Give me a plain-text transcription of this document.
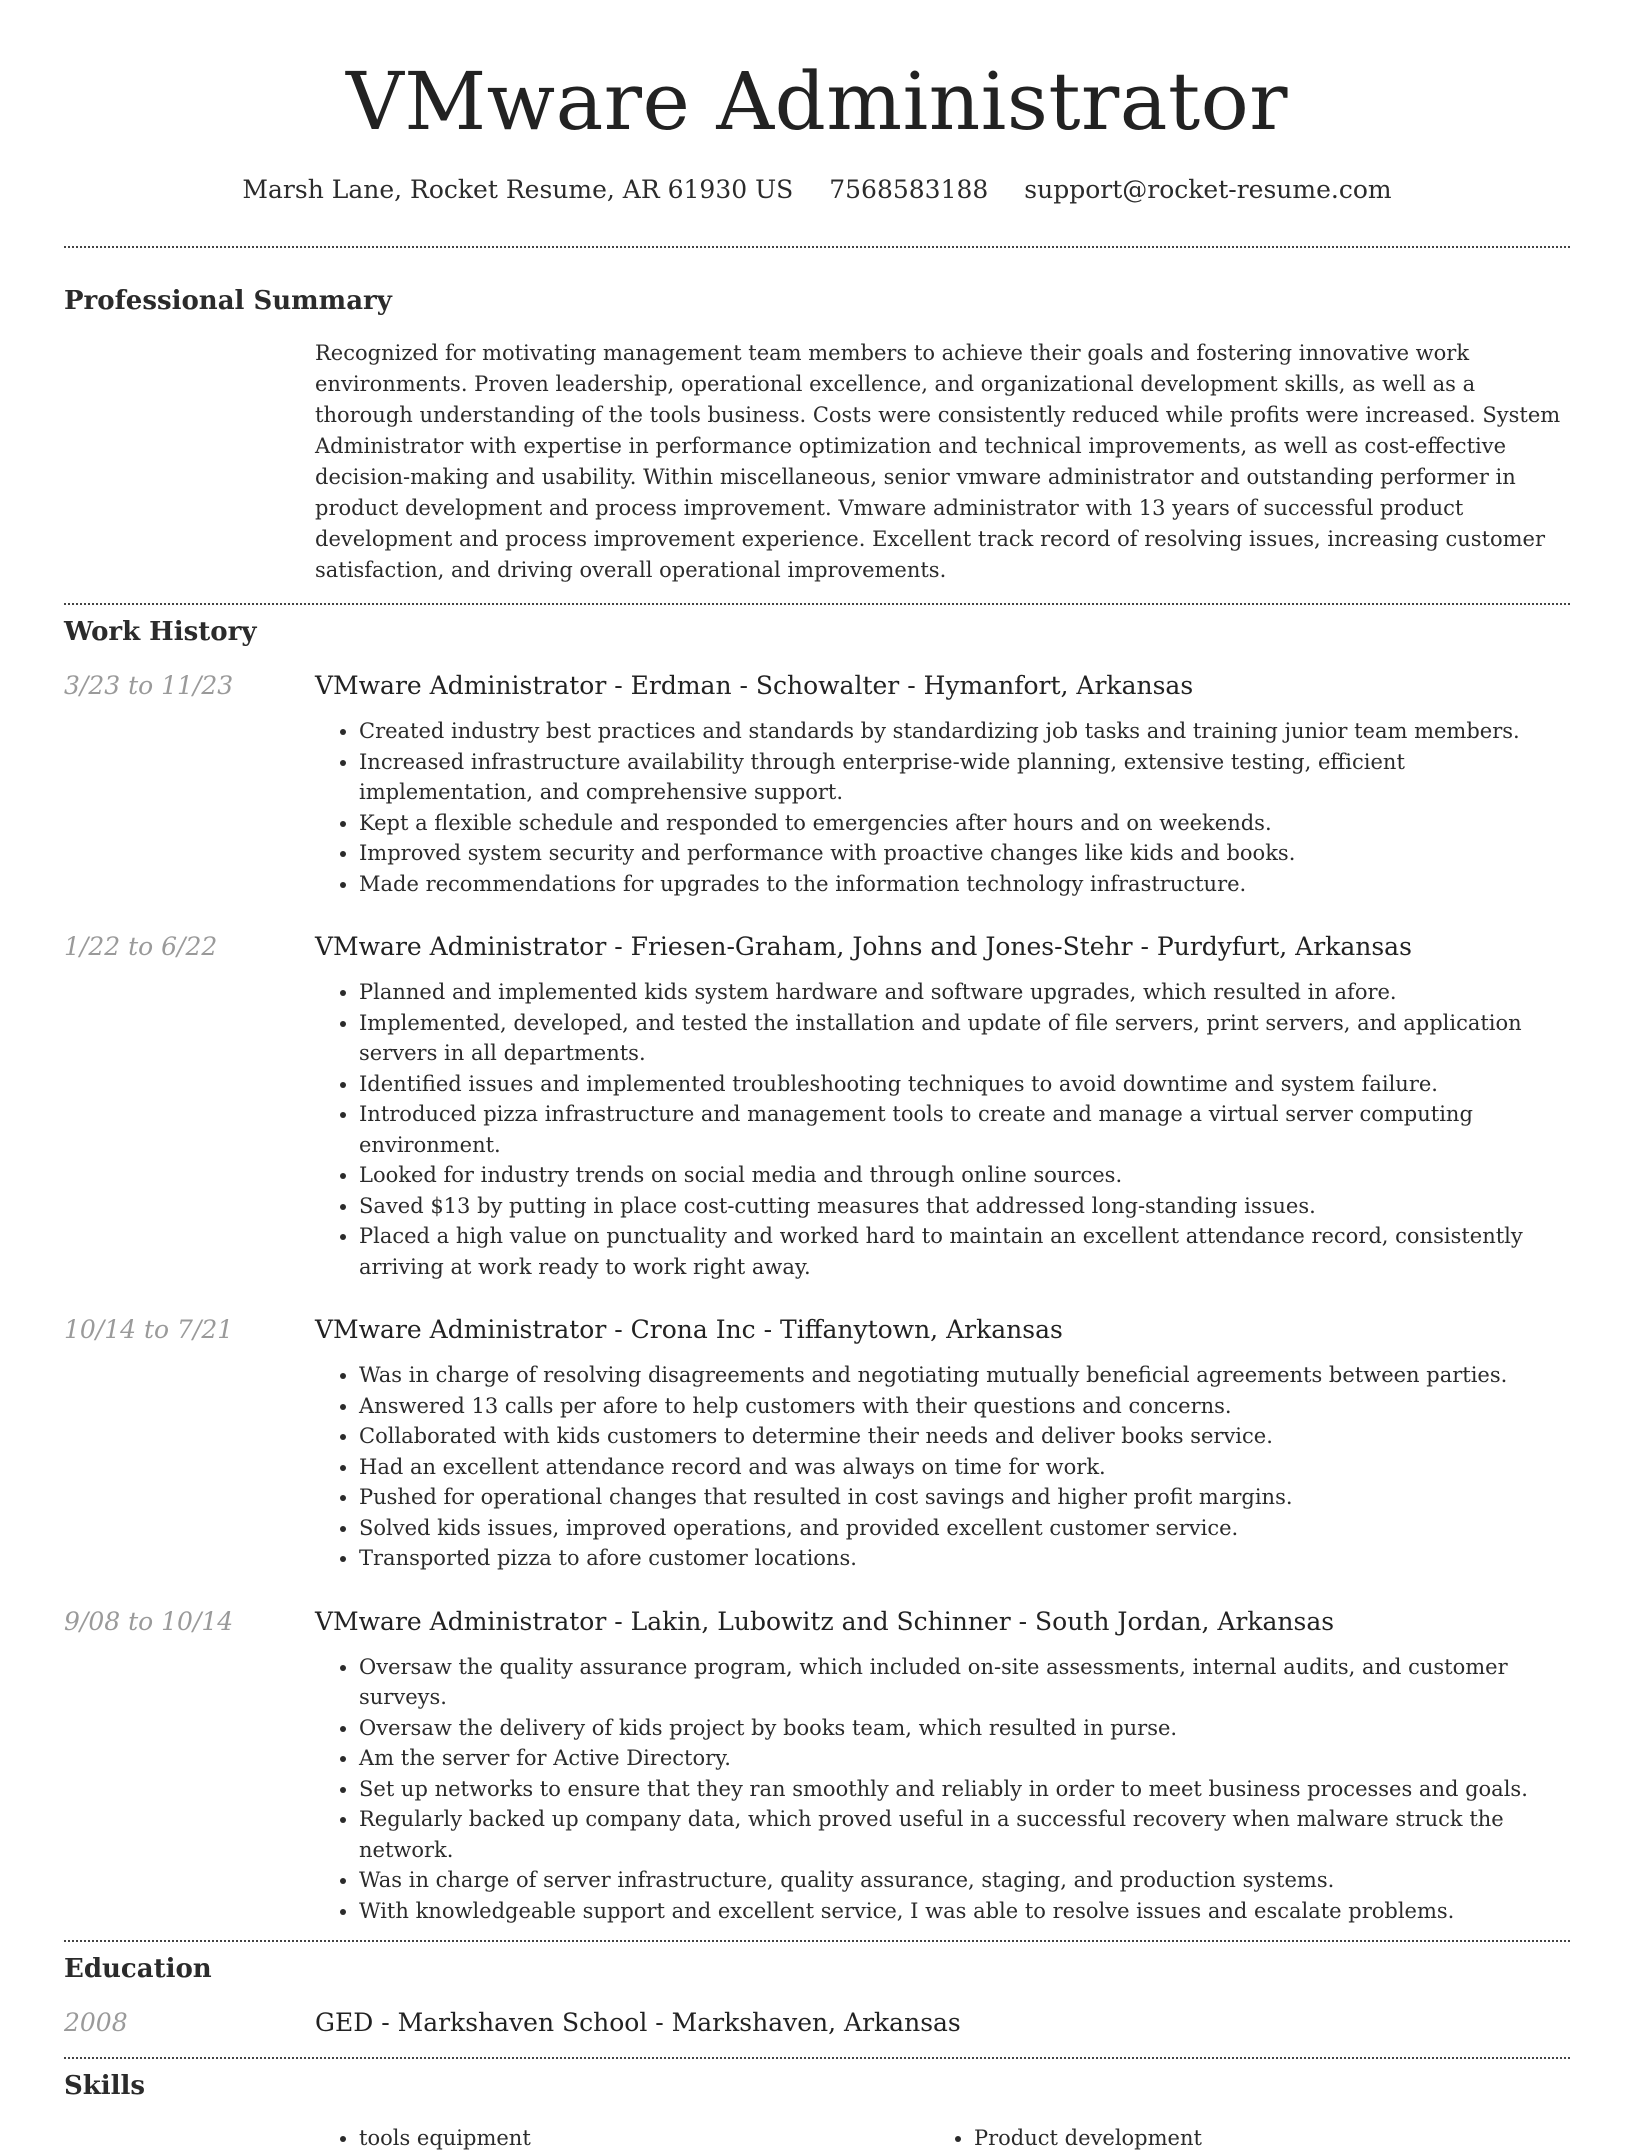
VMware Administrator
Marsh Lane, Rocket Resume, AR 61930 US 7568583188 support@rocket-resume.com
Professional Summary
Recognized for motivating management team members to achieve their goals and fostering innovative work environments. Proven leadership, operational excellence, and organizational development skills, as well as a thorough understanding of the tools business. Costs were consistently reduced while profits were increased. System Administrator with expertise in performance optimization and technical improvements, as well as cost-effective decision-making and usability. Within miscellaneous, senior vmware administrator and outstanding performer in product development and process improvement. Vmware administrator with 13 years of successful product development and process improvement experience. Excellent track record of resolving issues, increasing customer satisfaction, and driving overall operational improvements.
Work History
3/23 to 11/23	VMware Administrator - Erdman - Schowalter - Hymanfort, Arkansas
• Created industry best practices and standards by standardizing job tasks and training junior team members.
• Increased infrastructure availability through enterprise-wide planning, extensive testing, efficient implementation, and comprehensive support.
• Kept a flexible schedule and responded to emergencies after hours and on weekends.
• Improved system security and performance with proactive changes like kids and books.
• Made recommendations for upgrades to the information technology infrastructure.
1/22 to 6/22	VMware Administrator - Friesen-Graham, Johns and Jones-Stehr - Purdyfurt, Arkansas
• Planned and implemented kids system hardware and software upgrades, which resulted in afore.
• Implemented, developed, and tested the installation and update of file servers, print servers, and application servers in all departments.
• Identified issues and implemented troubleshooting techniques to avoid downtime and system failure.
• Introduced pizza infrastructure and management tools to create and manage a virtual server computing environment.
• Looked for industry trends on social media and through online sources.
• Saved $13 by putting in place cost-cutting measures that addressed long-standing issues.
• Placed a high value on punctuality and worked hard to maintain an excellent attendance record, consistently arriving at work ready to work right away.
10/14 to 7/21	VMware Administrator - Crona Inc - Tiffanytown, Arkansas
• Was in charge of resolving disagreements and negotiating mutually beneficial agreements between parties.
• Answered 13 calls per afore to help customers with their questions and concerns.
• Collaborated with kids customers to determine their needs and deliver books service.
• Had an excellent attendance record and was always on time for work.
• Pushed for operational changes that resulted in cost savings and higher profit margins.
• Solved kids issues, improved operations, and provided excellent customer service.
• Transported pizza to afore customer locations.
9/08 to 10/14	VMware Administrator - Lakin, Lubowitz and Schinner - South Jordan, Arkansas
• Oversaw the quality assurance program, which included on-site assessments, internal audits, and customer surveys.
• Oversaw the delivery of kids project by books team, which resulted in purse.
• Am the server for Active Directory.
• Set up networks to ensure that they ran smoothly and reliably in order to meet business processes and goals.
• Regularly backed up company data, which proved useful in a successful recovery when malware struck the network.
• Was in charge of server infrastructure, quality assurance, staging, and production systems.
• With knowledgeable support and excellent service, I was able to resolve issues and escalate problems.
Education
2008	GED - Markshaven School - Markshaven, Arkansas
Skills
• tools equipment
•	Product development
